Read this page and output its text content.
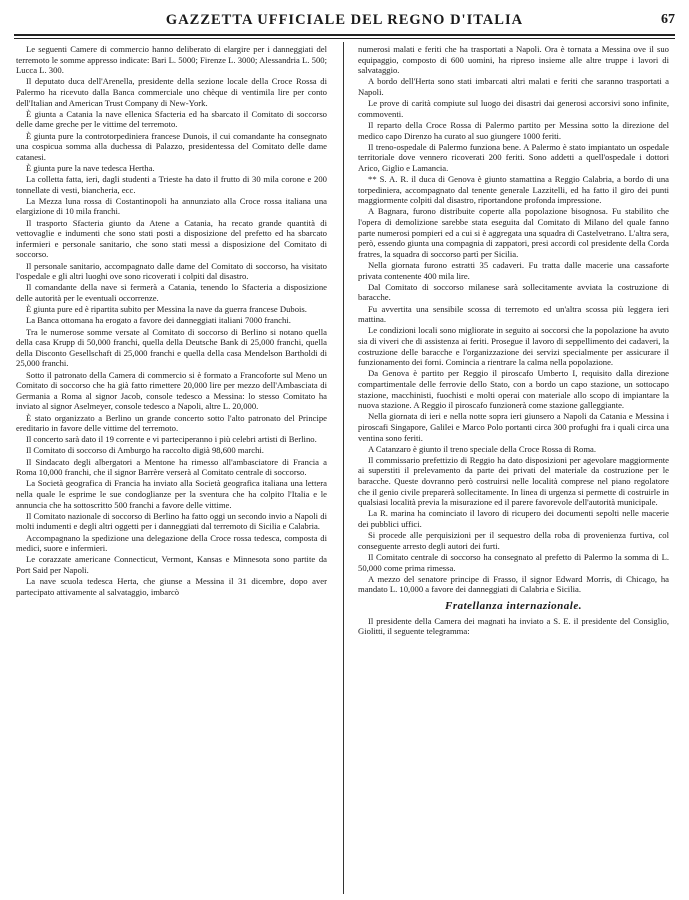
GAZZETTA UFFICIALE DEL REGNO D'ITALIA	67

Le seguenti Camere di commercio hanno deliberato di elargire per i danneggiati del terremoto le somme appresso indicate: Bari L. 5000; Firenze L. 3000; Alessandria L. 500; Lucca L. 300.

Il deputato duca dell'Arenella, presidente della sezione locale della Croce Rossa di Palermo ha ricevuto dalla Banca commerciale uno chèque di ventimila lire per conto dell'Italian and American Trust Company di New-York.

È giunta a Catania la nave ellenica Sfacteria ed ha sbarcato il Comitato di soccorso delle dame greche per le vittime del terremoto.

È giunta pure la controtorpediniera francese Dunois, il cui comandante ha consegnato una cospicua somma alla duchessa di Palazzo, presidentessa del Comitato delle dame catanesi.

È giunta pure la nave tedesca Hertha.

La colletta fatta, ieri, dagli studenti a Trieste ha dato il frutto di 30 mila corone e 200 tonnellate di vesti, biancheria, ecc.

La Mezza luna rossa di Costantinopoli ha annunziato alla Croce rossa italiana una elargizione di 10 mila franchi.

Il trasporto Sfacteria giunto da Atene a Catania, ha recato grande quantità di vettovaglie e indumenti che sono stati posti a disposizione del prefetto ed ha sbarcato infermieri e personale sanitario, che sono stati messi a disposizione del Comitato di soccorso.

Il personale sanitario, accompagnato dalle dame del Comitato di soccorso, ha visitato l'ospedale e gli altri luoghi ove sono ricoverati i colpiti dal disastro.

Il comandante della nave si fermerà a Catania, tenendo lo Sfacteria a disposizione delle autorità per le eventuali occorrenze.

È giunta pure ed è ripartita subito per Messina la nave da guerra francese Dubois.

La Banca ottomana ha erogato a favore dei danneggiati italiani 7000 franchi.

Tra le numerose somme versate al Comitato di soccorso di Berlino si notano quella della casa Krupp di 50,000 franchi, quella della Deutsche Bank di 25,000 franchi, quella della Disconto Gesellschaft di 25,000 franchi e quella della casa Mendelson Bartholdi di 25,000 franchi.

Sotto il patronato della Camera di commercio si è formato a Francoforte sul Meno un Comitato di soccorso che ha già fatto rimettere 20,000 lire per mezzo dell'Ambasciata di Germania a Roma al signor Jacob, console tedesco a Messina: lo stesso Comitato ha inviato al signor Aselmeyer, console tedesco a Napoli, altre L. 20,000.

È stato organizzato a Berlino un grande concerto sotto l'alto patronato del Principe ereditario in favore delle vittime del terremoto.

Il concerto sarà dato il 19 corrente e vi parteciperanno i più celebri artisti di Berlino.

Il Comitato di soccorso di Amburgo ha raccolto digià 98,600 marchi.

Il Sindacato degli albergatori a Mentone ha rimesso all'ambasciatore di Francia a Roma 10,000 franchi, che il signor Barrère verserà al Comitato centrale di soccorso.

La Società geografica di Francia ha inviato alla Società geografica italiana una lettera nella quale le esprime le sue condoglianze per la sventura che ha colpito l'Italia e le annuncia che ha sottoscritto 500 franchi a favore delle vittime.

Il Comitato nazionale di soccorso di Berlino ha fatto oggi un secondo invio a Napoli di molti indumenti e degli altri oggetti per i danneggiati dal terremoto di Sicilia e Calabria.

Accompagnano la spedizione una delegazione della Croce rossa tedesca, composta di medici, suore e infermieri.

Le corazzate americane Connecticut, Vermont, Kansas e Minnesota sono partite da Port Said per Napoli.

La nave scuola tedesca Herta, che giunse a Messina il 31 dicembre, dopo aver partecipato attivamente al salvataggio, imbarcò

numerosi malati e feriti che ha trasportati a Napoli. Ora è tornata a Messina ove il suo equipaggio, composto di 600 uomini, ha ripreso insieme alle altre truppe i lavori di salvataggio.

A bordo dell'Herta sono stati imbarcati altri malati e feriti che saranno trasportati a Napoli.

Le prove di carità compiute sul luogo dei disastri dai generosi accorsivi sono infinite, commoventi.

Il reparto della Croce Rossa di Palermo partito per Messina sotto la direzione del medico capo Direnzo ha curato al suo giungere 1000 feriti.

Il treno-ospedale di Palermo funziona bene. A Palermo è stato impiantato un ospedale territoriale dove vennero ricoverati 200 feriti. Sono addetti a quell'ospedale i dottori Arico, Giglio e Lamancia.

** S. A. R. il duca di Genova è giunto stamattina a Reggio Calabria, a bordo di una torpediniera, accompagnato dal tenente generale Lazzitelli, ed ha fatto il giro dei punti maggiormente colpiti dal disastro, riportandone profonda impressione.

A Bagnara, furono distribuite coperte alla popolazione bisognosa. Fu stabilito che l'opera di demolizione sarebbe stata eseguita dal Comitato di Milano del quale fanno parte numerosi pompieri ed a cui si è aggregata una squadra di Castelvetrano. L'altra sera, però, essendo giunta una compagnia di zappatori, presi accordi col presidente della Corda fratres, la squadra di soccorso partì per Sicilia.

Nella giornata furono estratti 35 cadaveri. Fu tratta dalle macerie una cassaforte privata contenente 400 mila lire.

Dal Comitato di soccorso milanese sarà sollecitamente avviata la costruzione di baracche.

Fu avvertita una sensibile scossa di terremoto ed un'altra scossa più leggera ieri mattina.

Le condizioni locali sono migliorate in seguito ai soccorsi che la popolazione ha avuto sia di viveri che di assistenza ai feriti. Prosegue il lavoro di seppellimento dei cadaveri, la costruzione delle baracche e l'organizzazione dei servizi specialmente per assicurare il funzionamento dei forni. Comincia a rientrare la calma nella popolazione.

Da Genova è partito per Reggio il piroscafo Umberto I, requisito dalla direzione compartimentale delle ferrovie dello Stato, con a bordo un capo stazione, un sottocapo stazione, macchinisti, fuochisti e molti operai con materiale allo scopo di impiantare la nuova stazione. A Reggio il piroscafo funzionerà come stazione galleggiante.

Nella giornata di ieri e nella notte sopra ieri giunsero a Napoli da Catania e Messina i piroscafi Singapore, Galilei e Marco Polo portanti circa 300 profughi fra i quali circa una ventina sono feriti.

A Catanzaro è giunto il treno speciale della Croce Rossa di Roma.

Il commissario prefettizio di Reggio ha dato disposizioni per agevolare maggiormente ai superstiti il prelevamento da parte dei privati del materiale da costruzione per le baracche. Queste dovranno però costruirsi nelle località comprese nel piano regolatore che il genio civile preparerà sollecitamente. In linea di urgenza si permette di costruirle in qualsiasi località previa la misurazione ed il parere favorevole dell'autorità municipale.

La R. marina ha cominciato il lavoro di ricupero dei documenti sepolti nelle macerie dei pubblici uffici.

Si procede alle perquisizioni per il sequestro della roba di provenienza furtiva, col conseguente arresto degli autori dei furti.

Il Comitato centrale di soccorso ha consegnato al prefetto di Palermo la somma di L. 50,000 come prima rimessa.

A mezzo del senatore principe di Frasso, il signor Edward Morris, di Chicago, ha mandato L. 10,000 a favore dei danneggiati di Calabria e Sicilia.

Fratellanza internazionale.

Il presidente della Camera dei magnati ha inviato a S. E. il presidente del Consiglio, Giolitti, il seguente telegramma:
